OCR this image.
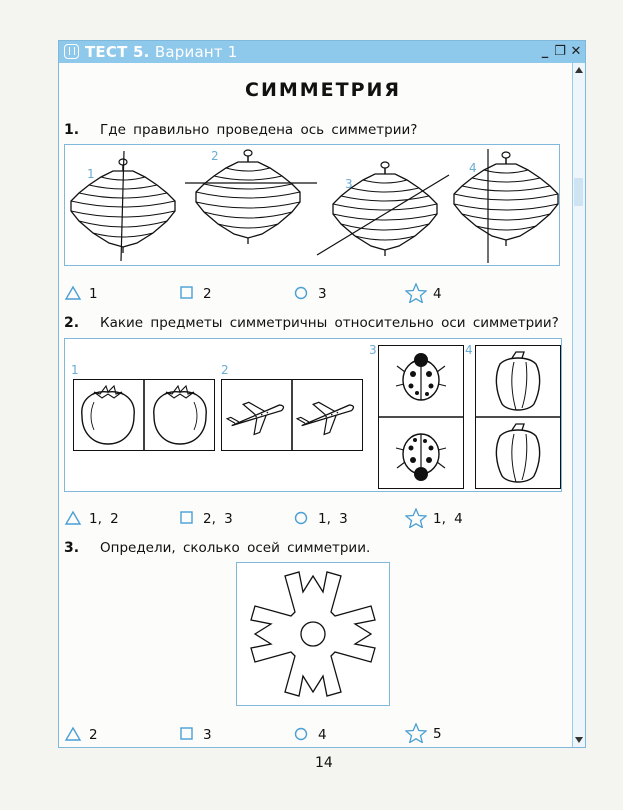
ТЕСТ 5. Вариант 1	_ ❐ ✕
СИММЕТРИЯ
1. Где правильно проведена ось симметрии?
1
2
3
4
1	2	3	4
2. Какие предметы симметричны относительно оси симметрии?
1	2
3	4
1, 2	2, 3	1, 3	1, 4
3. Определи, сколько осей симметрии.
2	3	4	5
14
